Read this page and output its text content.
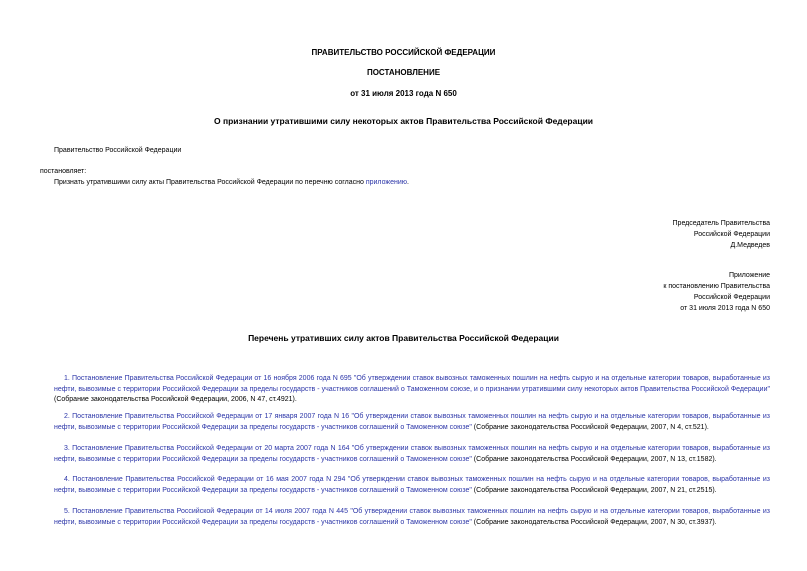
ПРАВИТЕЛЬСТВО РОССИЙСКОЙ ФЕДЕРАЦИИ
ПОСТАНОВЛЕНИЕ
от 31 июля 2013 года N 650
О признании утратившими силу некоторых актов Правительства Российской Федерации
Правительство Российской Федерации
постановляет:
Признать утратившими силу акты Правительства Российской Федерации по перечню согласно приложению.
Председатель Правительства
Российской Федерации
Д.Медведев
Приложение
к постановлению Правительства
Российской Федерации
от 31 июля 2013 года N 650
Перечень утративших силу актов Правительства Российской Федерации
1. Постановление Правительства Российской Федерации от 16 ноября 2006 года N 695 "Об утверждении ставок вывозных таможенных пошлин на нефть сырую и на отдельные категории товаров, выработанные из нефти, вывозимые с территории Российской Федерации за пределы государств - участников соглашений о Таможенном союзе, и о признании утратившими силу некоторых актов Правительства Российской Федерации" (Собрание законодательства Российской Федерации, 2006, N 47, ст.4921).
2. Постановление Правительства Российской Федерации от 17 января 2007 года N 16 "Об утверждении ставок вывозных таможенных пошлин на нефть сырую и на отдельные категории товаров, выработанные из нефти, вывозимые с территории Российской Федерации за пределы государств - участников соглашений о Таможенном союзе" (Собрание законодательства Российской Федерации, 2007, N 4, ст.521).
3. Постановление Правительства Российской Федерации от 20 марта 2007 года N 164 "Об утверждении ставок вывозных таможенных пошлин на нефть сырую и на отдельные категории товаров, выработанные из нефти, вывозимые с территории Российской Федерации за пределы государств - участников соглашений о Таможенном союзе" (Собрание законодательства Российской Федерации, 2007, N 13, ст.1582).
4. Постановление Правительства Российской Федерации от 16 мая 2007 года N 294 "Об утверждении ставок вывозных таможенных пошлин на нефть сырую и на отдельные категории товаров, выработанные из нефти, вывозимые с территории Российской Федерации за пределы государств - участников соглашений о Таможенном союзе" (Собрание законодательства Российской Федерации, 2007, N 21, ст.2515).
5. Постановление Правительства Российской Федерации от 14 июля 2007 года N 445 "Об утверждении ставок вывозных таможенных пошлин на нефть сырую и на отдельные категории товаров, выработанные из нефти, вывозимые с территории Российской Федерации за пределы государств - участников соглашений о Таможенном союзе" (Собрание законодательства Российской Федерации, 2007, N 30, ст.3937).
